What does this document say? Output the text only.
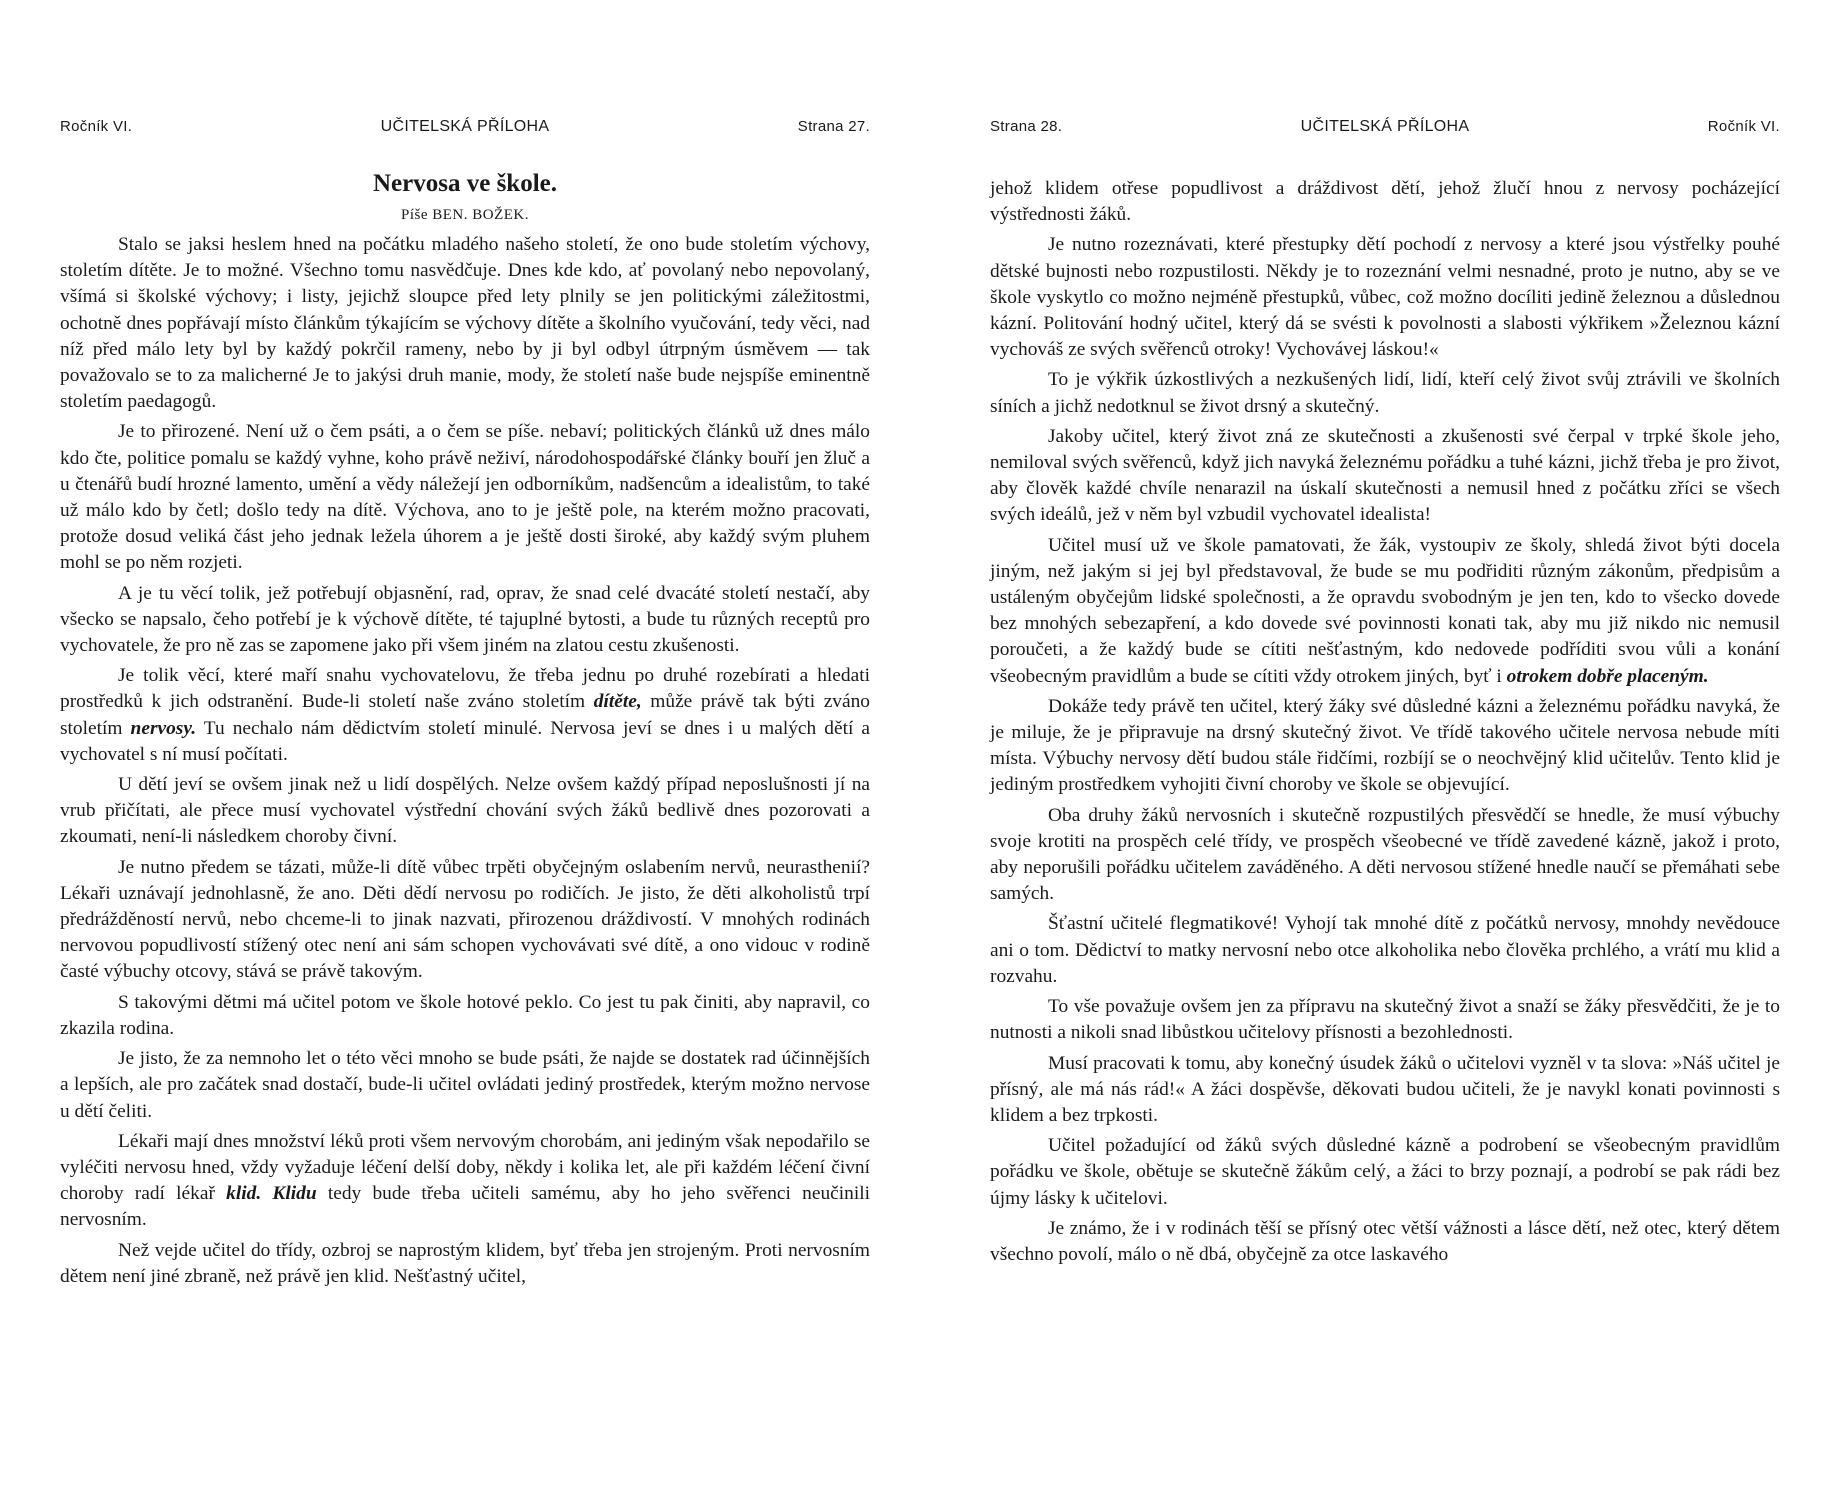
Ročník VI.	UČITELSKÁ PŘÍLOHA	Strana 27.
Nervosa ve škole.
Píše BEN. BOŽEK.

Stalo se jaksi heslem hned na počátku mladého našeho století, že ono bude stoletím výchovy, stoletím dítěte. Je to možné. Všechno tomu nasvědčuje. Dnes kde kdo, ať povolaný nebo nepovolaný, všímá si školské výchovy; i listy, jejichž sloupce před lety plnily se jen politickými záležitostmi, ochotně dnes popřávají místo článkům týkajícím se výchovy dítěte a školního vyučování, tedy věci, nad níž před málo lety byl by každý pokrčil rameny, nebo by ji byl odbyl útrpným úsměvem — tak považovalo se to za malicherné Je to jakýsi druh manie, mody, že století naše bude nejspíše eminentně stoletím paedagogů.

Je to přirozené. Není už o čem psáti, a o čem se píše. nebaví; politických článků už dnes málo kdo čte, politice pomalu se každý vyhne, koho právě neživí, národohospodářské články bouří jen žluč a u čtenářů budí hrozné lamento, umění a vědy náležejí jen odborníkům, nadšencům a idealistům, to také už málo kdo by četl; došlo tedy na dítě. Výchova, ano to je ještě pole, na kterém možno pracovati, protože dosud veliká část jeho jednak ležela úhorem a je ještě dosti široké, aby každý svým pluhem mohl se po něm rozjeti.

A je tu věcí tolik, jež potřebují objasnění, rad, oprav, že snad celé dvacáté století nestačí, aby všecko se napsalo, čeho potřebí je k výchově dítěte, té tajuplné bytosti, a bude tu různých receptů pro vychovatele, že pro ně zas se zapomene jako při všem jiném na zlatou cestu zkušenosti.

Je tolik věcí, které maří snahu vychovatelovu, že třeba jednu po druhé rozebírati a hledati prostředků k jich odstranění. Bude-li století naše zváno stoletím dítěte, může právě tak býti zváno stoletím nervosy. Tu nechalo nám dědictvím století minulé. Nervosa jeví se dnes i u malých dětí a vychovatel s ní musí počítati.

U dětí jeví se ovšem jinak než u lidí dospělých. Nelze ovšem každý případ neposlušnosti jí na vrub přičítati, ale přece musí vychovatel výstřední chování svých žáků bedlivě dnes pozorovati a zkoumati, není-li následkem choroby čivní.

Je nutno předem se tázati, může-li dítě vůbec trpěti obyčejným oslabením nervů, neurasthenií? Lékaři uznávají jednohlasně, že ano. Děti dědí nervosu po rodičích. Je jisto, že děti alkoholistů trpí předrážděností nervů, nebo chceme-li to jinak nazvati, přirozenou dráždivostí. V mnohých rodinách nervovou popudlivostí stížený otec není ani sám schopen vychovávati své dítě, a ono vidouc v rodině časté výbuchy otcovy, stává se právě takovým.

S takovými dětmi má učitel potom ve škole hotové peklo. Co jest tu pak činiti, aby napravil, co zkazila rodina.

Je jisto, že za nemnoho let o této věci mnoho se bude psáti, že najde se dostatek rad účinnějších a lepších, ale pro začátek snad dostačí, bude-li učitel ovládati jediný prostředek, kterým možno nervose u dětí čeliti.

Lékaři mají dnes množství léků proti všem nervovým chorobám, ani jediným však nepodařilo se vyléčiti nervosu hned, vždy vyžaduje léčení delší doby, někdy i kolika let, ale při každém léčení čivní choroby radí lékař klid. Klidu tedy bude třeba učiteli samému, aby ho jeho svěřenci neučinili nervosním.

Než vejde učitel do třídy, ozbroj se naprostým klidem, byť třeba jen strojeným. Proti nervosním dětem není jiné zbraně, než právě jen klid. Nešťastný učitel,

Strana 28.	UČITELSKÁ PŘÍLOHA	Ročník VI.

jehož klidem otřese popudlivost a dráždivost dětí, jehož žlučí hnou z nervosy pocházející výstřednosti žáků.

Je nutno rozeznávati, které přestupky dětí pochodí z nervosy a které jsou výstřelky pouhé dětské bujnosti nebo rozpustilosti. Někdy je to rozeznání velmi nesnadné, proto je nutno, aby se ve škole vyskytlo co možno nejméně přestupků, vůbec, což možno docíliti jedině železnou a důslednou kázní. Politování hodný učitel, který dá se svésti k povolnosti a slabosti výkřikem »Železnou kázní vychováš ze svých svěřenců otroky! Vychovávej láskou!«

To je výkřik úzkostlivých a nezkušených lidí, lidí, kteří celý život svůj ztrávili ve školních síních a jichž nedotknul se život drsný a skutečný.

Jakoby učitel, který život zná ze skutečnosti a zkušenosti své čerpal v trpké škole jeho, nemiloval svých svěřenců, když jich navyká železnému pořádku a tuhé kázni, jichž třeba je pro život, aby člověk každé chvíle nenarazil na úskalí skutečnosti a nemusil hned z počátku zříci se všech svých ideálů, jež v něm byl vzbudil vychovatel idealista!

Učitel musí už ve škole pamatovati, že žák, vystoupiv ze školy, shledá život býti docela jiným, než jakým si jej byl představoval, že bude se mu podřiditi různým zákonům, předpisům a ustáleným obyčejům lidské společnosti, a že opravdu svobodným je jen ten, kdo to všecko dovede bez mnohých sebezapření, a kdo dovede své povinnosti konati tak, aby mu již nikdo nic nemusil poroučeti, a že každý bude se cítiti nešťastným, kdo nedovede podříditi svou vůli a konání všeobecným pravidlům a bude se cítiti vždy otrokem jiných, byť i otrokem dobře placeným.

Dokáže tedy právě ten učitel, který žáky své důsledné kázni a železnému pořádku navyká, že je miluje, že je připravuje na drsný skutečný život. Ve třídě takového učitele nervosa nebude míti místa. Výbuchy nervosy dětí budou stále řidčími, rozbíjí se o neochvějný klid učitelův. Tento klid je jediným prostředkem vyhojiti čivní choroby ve škole se objevující.

Oba druhy žáků nervosních i skutečně rozpustilých přesvědčí se hnedle, že musí výbuchy svoje krotiti na prospěch celé třídy, ve prospěch všeobecné ve třídě zavedené kázně, jakož i proto, aby neporušili pořádku učitelem zaváděného. A děti nervosou stížené hnedle naučí se přemáhati sebe samých.

Šťastní učitelé flegmatikové! Vyhojí tak mnohé dítě z počátků nervosy, mnohdy nevědouce ani o tom. Dědictví to matky nervosní nebo otce alkoholika nebo člověka prchlého, a vrátí mu klid a rozvahu.

To vše považuje ovšem jen za přípravu na skutečný život a snaží se žáky přesvědčiti, že je to nutnosti a nikoli snad libůstkou učitelovy přísnosti a bezohlednosti.

Musí pracovati k tomu, aby konečný úsudek žáků o učitelovi vyzněl v ta slova: »Náš učitel je přísný, ale má nás rád!« A žáci dospěvše, děkovati budou učiteli, že je navykl konati povinnosti s klidem a bez trpkosti.

Učitel požadující od žáků svých důsledné kázně a podrobení se všeobecným pravidlům pořádku ve škole, obětuje se skutečně žákům celý, a žáci to brzy poznají, a podrobí se pak rádi bez újmy lásky k učitelovi.

Je známo, že i v rodinách těší se přísný otec větší vážnosti a lásce dětí, než otec, který dětem všechno povolí, málo o ně dbá, obyčejně za otce laskavého
